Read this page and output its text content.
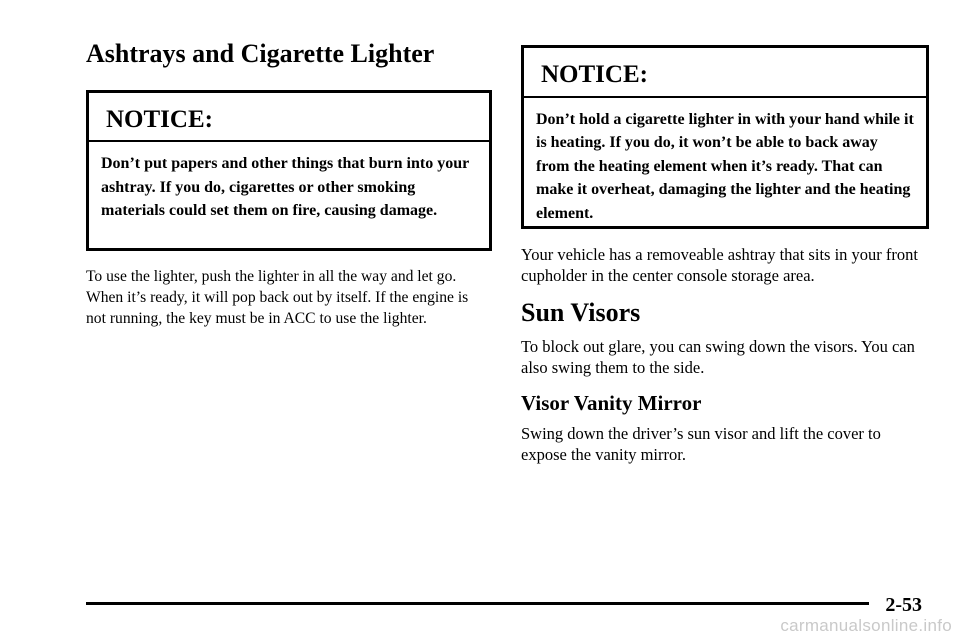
Ashtrays and Cigarette Lighter
NOTICE:
Don’t put papers and other things that burn into your ashtray. If you do, cigarettes or other smoking materials could set them on fire, causing damage.

To use the lighter, push the lighter in all the way and let go. When it’s ready, it will pop back out by itself. If the engine is not running, the key must be in ACC to use the lighter.

NOTICE:
Don’t hold a cigarette lighter in with your hand while it is heating. If you do, it won’t be able to back away from the heating element when it’s ready. That can make it overheat, damaging the lighter and the heating element.

Your vehicle has a removeable ashtray that sits in your front cupholder in the center console storage area.

Sun Visors

To block out glare, you can swing down the visors. You can also swing them to the side.

Visor Vanity Mirror

Swing down the driver’s sun visor and lift the cover to expose the vanity mirror.

2-53
carmanualsonline.info
